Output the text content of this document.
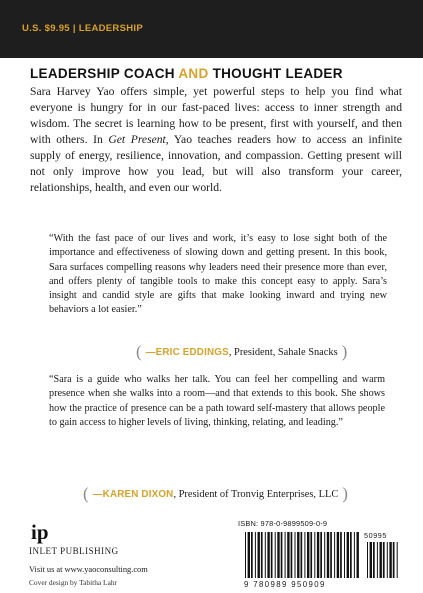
U.S. $9.95 | LEADERSHIP
LEADERSHIP COACH AND THOUGHT LEADER
Sara Harvey Yao offers simple, yet powerful steps to help you find what everyone is hungry for in our fast-paced lives: access to inner strength and wisdom. The secret is learning how to be present, first with yourself, and then with others. In Get Present, Yao teaches readers how to access an infinite supply of energy, resilience, innovation, and compassion. Getting present will not only improve how you lead, but will also transform your career, relationships, health, and even our world.
“With the fast pace of our lives and work, it’s easy to lose sight both of the importance and effectiveness of slowing down and getting present. In this book, Sara surfaces compelling reasons why leaders need their presence more than ever, and offers plenty of tangible tools to make this concept easy to apply. Sara’s insight and candid style are gifts that make looking inward and trying new behaviors a lot easier.”
( —ERIC EDDINGS , President, Sahale Snacks )
“Sara is a guide who walks her talk. You can feel her compelling and warm presence when she walks into a room—and that extends to this book. She shows how the practice of presence can be a path toward self-mastery that allows people to gain access to higher levels of living, thinking, relating, and leading.”
( —KAREN DIXON , President of Tronvig Enterprises, LLC )
ip
INLET PUBLISHING
Visit us at www.yaoconsulting.com
Cover design by Tabitha Lahr
ISBN: 978-0-9899509-0-9
50995
9 780989 950909
